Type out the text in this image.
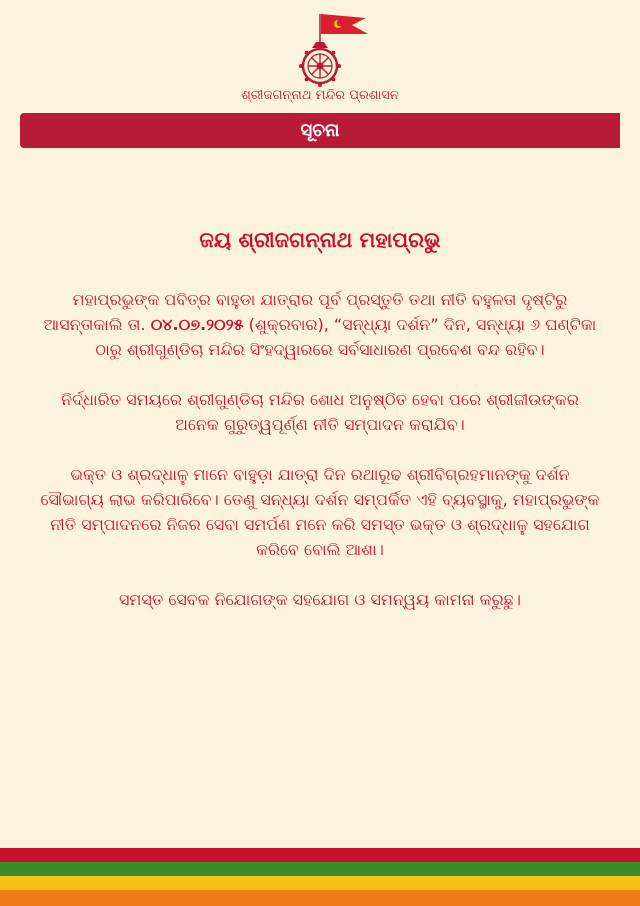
ଶ୍ରୀଜଗନ୍ନାଥ ମନ୍ଦିର ପ୍ରଶାସନ
ସୂଚନା
ଜୟ ଶ୍ରୀଜଗନ୍ନାଥ ମହାପ୍ରଭୁ

ମହାପ୍ରଭୁଙ୍କ ପବିତ୍ର ବାହୁଡା ଯାତ୍ରାର ପୂର୍ବ ପ୍ରସ୍ତୁତି ତଥା ନୀତି ବହୁଳତା ଦୃଷ୍ଟିରୁ ଆସନ୍ତାକାଲି ତା. ୦୪.୦୭.୨୦୨୫ (ଶୁକ୍ରବାର), “ସନ୍ଧ୍ୟା ଦର୍ଶନ” ଦିନ, ସନ୍ଧ୍ୟା ୬ ଘଣ୍ଟିକା ଠାରୁ ଶ୍ରୀଗୁଣ୍ଡିଚା ମନ୍ଦିର ସିଂହଦ୍ୱାରରେ ସର୍ବସାଧାରଣ ପ୍ରବେଶ ବନ୍ଦ ରହିବ।

ନିର୍ଦ୍ଧାରିତ ସମୟରେ ଶ୍ରୀଗୁଣ୍ଡିଚା ମନ୍ଦିର ଶୋଧ ଅନୁଷ୍ଠିତ ହେବା ପରେ ଶ୍ରୀଜୀଉଙ୍କର ଅନେକ ଗୁରୁତ୍ୱପୂର୍ଣ୍ଣ ନୀତି ସମ୍ପାଦନ କରାଯିବ।

ଭକ୍ତ ଓ ଶ୍ରଦ୍ଧାଳୁ ମାନେ ବାହୁଡ଼ା ଯାତ୍ରା ଦିନ ରଥାରୂଢ ଶ୍ରୀବିଗ୍ରହମାନଙ୍କୁ ଦର୍ଶନ ସୌଭାଗ୍ୟ ଲାଭ କରିପାରିବେ। ତେଣୁ ସନ୍ଧ୍ୟା ଦର୍ଶନ ସମ୍ପର୍କିତ ଏହି ବ୍ୟବସ୍ଥାକୁ, ମହାପ୍ରଭୁଙ୍କ ନୀତି ସମ୍ପାଦନରେ ନିଜର ସେବା ସମର୍ପଣ ମନେ କରି ସମସ୍ତ ଭକ୍ତ ଓ ଶ୍ରଦ୍ଧାଳୁ ସହଯୋଗ କରିବେ ବୋଲି ଆଶା।

ସମସ୍ତ ସେବକ ନିଯୋଗଙ୍କ ସହଯୋଗ ଓ ସମନ୍ୱୟ କାମନା କରୁଛୁ।
